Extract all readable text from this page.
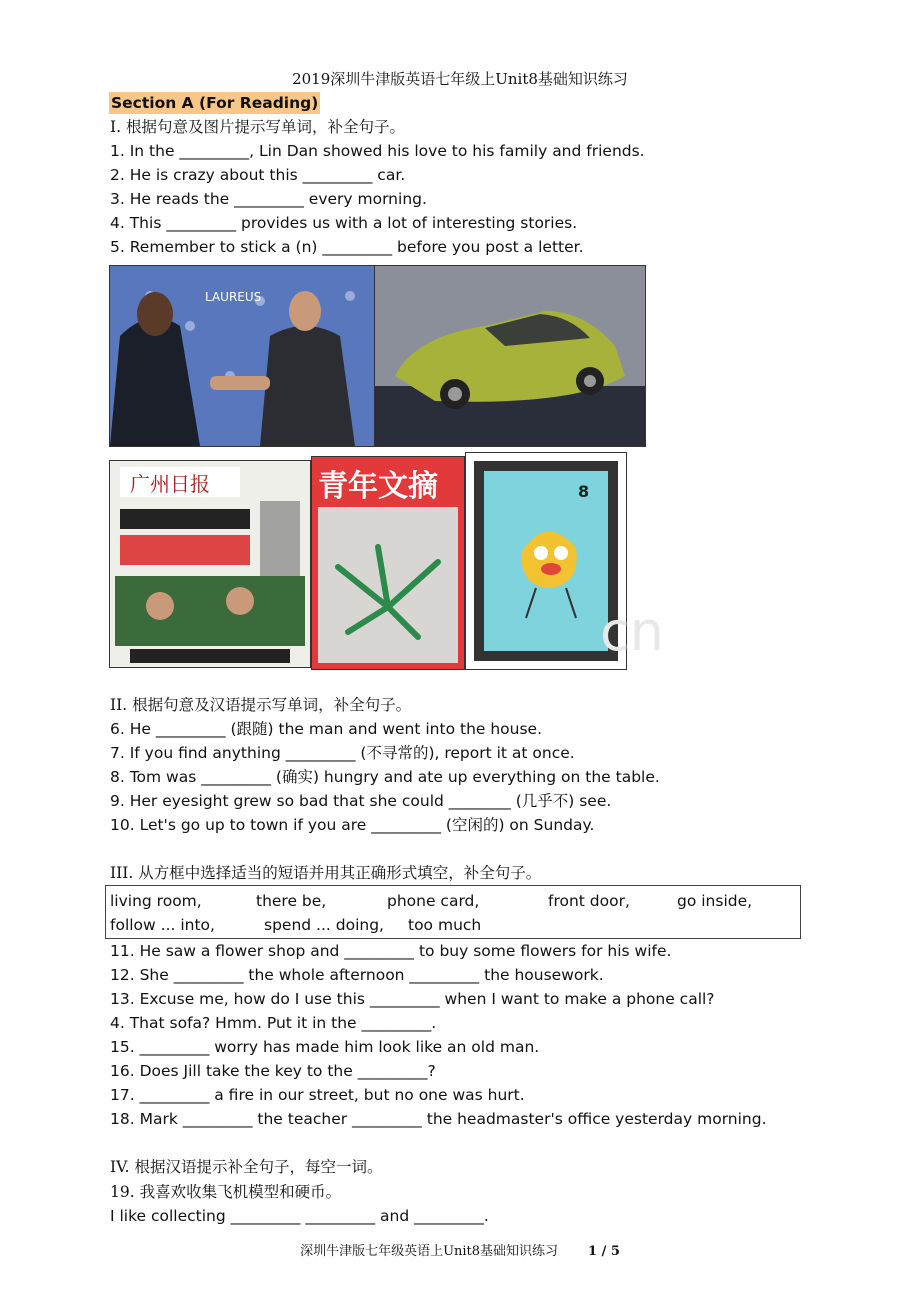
2019深圳牛津版英语七年级上Unit8基础知识练习
Section A (For Reading)
I. 根据句意及图片提示写单词，补全句子。
1. In the _________, Lin Dan showed his love to his family and friends.
2. He is crazy about this _________ car.
3. He reads the _________ every morning.
4. This _________ provides us with a lot of interesting stories.
5. Remember to stick a (n) _________ before you post a letter.
LAUREUS
广州日报	青年文摘	8
cn
II. 根据句意及汉语提示写单词，补全句子。
6. He _________ (跟随) the man and went into the house.
7. If you find anything _________ (不寻常的), report it at once.
8. Tom was _________ (确实) hungry and ate up everything on the table.
9. Her eyesight grew so bad that she could ________ (几乎不) see.
10. Let's go up to town if you are _________ (空闲的) on Sunday.
III. 从方框中选择适当的短语并用其正确形式填空，补全句子。
living room,	there be,	phone card,	front door,	go inside,
follow ... into,	spend ... doing, too much
11. He saw a flower shop and _________ to buy some flowers for his wife.
12. She _________ the whole afternoon _________ the housework.
13. Excuse me, how do I use this _________ when I want to make a phone call?
4. That sofa? Hmm. Put it in the _________.
15. _________ worry has made him look like an old man.
16. Does Jill take the key to the _________?
17. _________ a fire in our street, but no one was hurt.
18. Mark _________ the teacher _________ the headmaster's office yesterday morning.
IV. 根据汉语提示补全句子，每空一词。
19. 我喜欢收集飞机模型和硬币。
I like collecting _________ _________ and _________.
深圳牛津版七年级英语上Unit8基础知识练习 1 / 5
